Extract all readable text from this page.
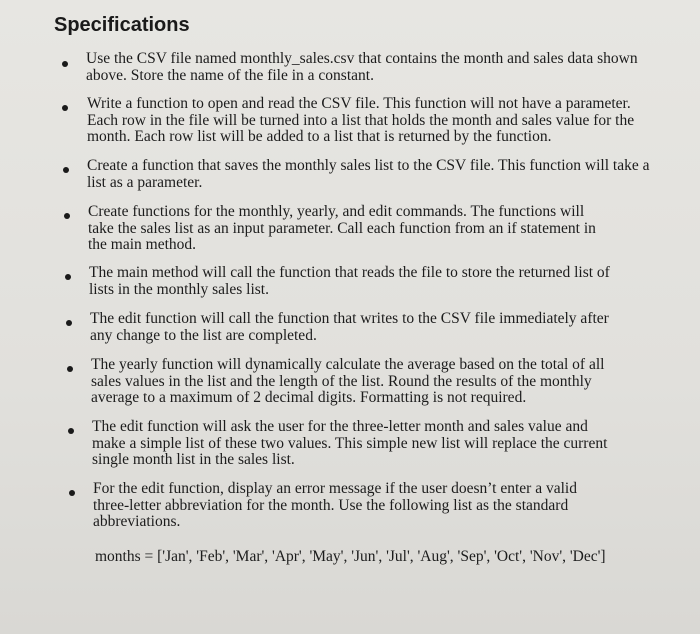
Specifications

Use the CSV file named monthly_sales.csv that contains the month and sales data shown
above. Store the name of the file in a constant.

Write a function to open and read the CSV file. This function will not have a parameter.
Each row in the file will be turned into a list that holds the month and sales value for the
month. Each row list will be added to a list that is returned by the function.

Create a function that saves the monthly sales list to the CSV file. This function will take a
list as a parameter.

Create functions for the monthly, yearly, and edit commands. The functions will
take the sales list as an input parameter. Call each function from an if statement in
the main method.

The main method will call the function that reads the file to store the returned list of
lists in the monthly sales list.

The edit function will call the function that writes to the CSV file immediately after
any change to the list are completed.

The yearly function will dynamically calculate the average based on the total of all
sales values in the list and the length of the list. Round the results of the monthly
average to a maximum of 2 decimal digits. Formatting is not required.

The edit function will ask the user for the three-letter month and sales value and
make a simple list of these two values. This simple new list will replace the current
single month list in the sales list.

For the edit function, display an error message if the user doesn’t enter a valid
three-letter abbreviation for the month. Use the following list as the standard
abbreviations.

months = ['Jan', 'Feb', 'Mar', 'Apr', 'May', 'Jun', 'Jul', 'Aug', 'Sep', 'Oct', 'Nov', 'Dec']
